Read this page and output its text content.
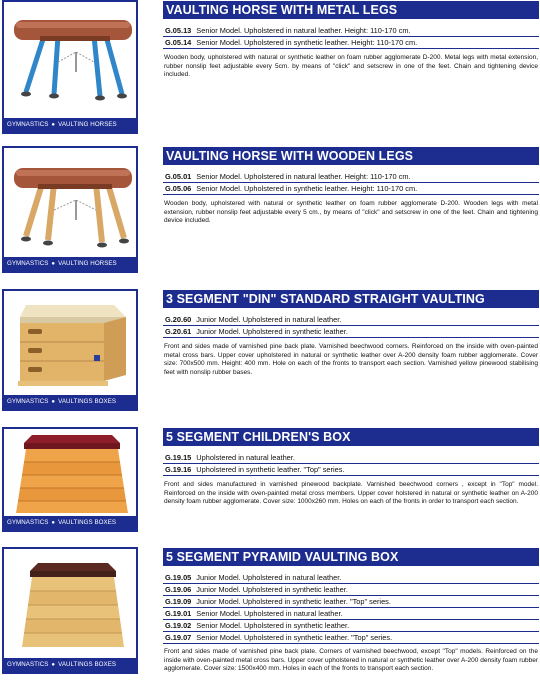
GYMNASTICS ● VAULTING HORSES
VAULTING HORSE WITH METAL LEGS
G.05.13 Senior Model. Upholstered in natural leather. Height: 110-170 cm.
G.05.14 Senior Model. Upholstered in synthetic leather. Height: 110-170 cm.
Wooden body, upholstered with natural or synthetic leather on foam rubber agglomerate D-200. Metal legs with metal extension, rubber nonslip feet adjustable every 5cm. by means of "click" and setscrew in one of the feet. Chain and tightening device included.
GYMNASTICS ● VAULTING HORSES
VAULTING HORSE WITH WOODEN LEGS
G.05.01 Senior Model. Upholstered in natural leather. Height: 110-170 cm.
G.05.06 Senior Model. Upholstered in synthetic leather. Height: 110-170 cm.
Wooden body, upholstered with natural or synthetic leather on foam rubber agglomerate D-200. Wooden legs with metal extension, rubber nonslip feet adjustable every 5 cm., by means of "click" and setscrew in one of the feet. Chain and tightening device included.
GYMNASTICS ● VAULTINGS BOXES
3 SEGMENT "DIN" STANDARD STRAIGHT VAULTING
G.20.60 Junior Model. Upholstered in natural leather.
G.20.61 Junior Model. Upholstered in synthetic leather.
Front and sides made of varnished pine back plate. Varnished beechwood corners. Reinforced on the inside with oven-painted metal cross bars. Upper cover upholstered in natural or synthetic leather over A-200 density foam rubber agglomerate. Cover size: 700x500 mm. Height: 400 mm. Hole on each of the fronts to transport each section. Varnished yellow pinewood stabilising feet with nonslip rubber bases.
GYMNASTICS ● VAULTINGS BOXES
5 SEGMENT CHILDREN'S BOX
G.19.15 Upholstered in natural leather.
G.19.16 Upholstered in synthetic leather. "Top" series.
Front and sides manufactured in varnished pinewood backplate. Varnished beechwood corners , except in "Top" model. Reinforced on the inside with oven-painted metal cross members. Upper cover holstered in natural or synthetic leather on A-200 density foam rubber agglomerate. Cover size: 1000x260 mm. Holes on each of the fronts in order to transport each section.
GYMNASTICS ● VAULTINGS BOXES
5 SEGMENT PYRAMID VAULTING BOX
G.19.05 Junior Model. Upholstered in natural leather.
G.19.06 Junior Model. Upholstered in synthetic leather.
G.19.09 Junior Model. Upholstered in synthetic leather. "Top" series.
G.19.01 Senior Model. Upholstered in natural leather.
G.19.02 Senior Model. Upholstered in synthetic leather.
G.19.07 Senior Model. Upholstered in synthetic leather. "Top" series.
Front and sides made of varnished pine back plate. Corners of varnished beechwood, except "Top" models. Reinforced on the inside with oven-painted metal cross bars. Upper cover upholstered in natural or synthetic leather over A-200 density foam rubber agglomerate. Cover size: 1500x400 mm. Holes in each of the fronts to transport each section.
